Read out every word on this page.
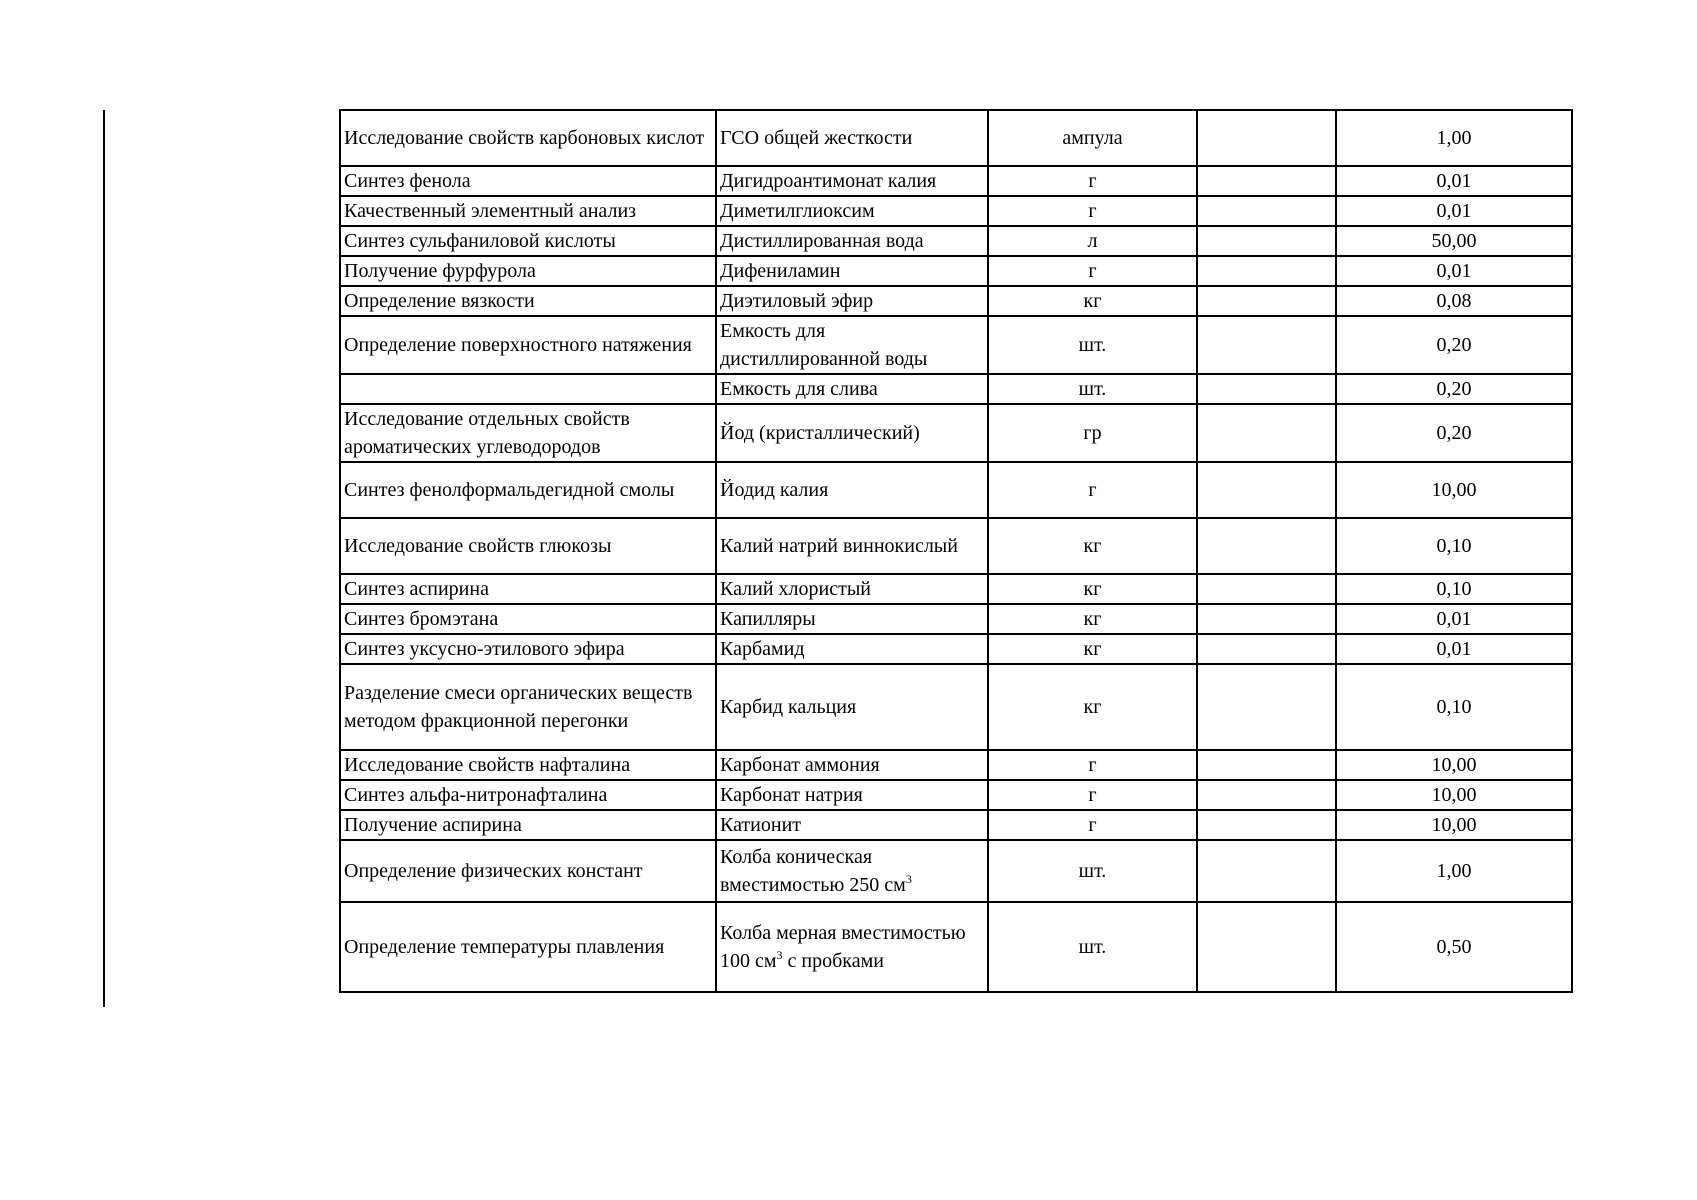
Исследование свойств карбоновых кислот	ГСО общей жесткости	ампула		1,00
Синтез фенола	Дигидроантимонат калия	г		0,01
Качественный элементный анализ	Диметилглиоксим	г		0,01
Синтез сульфаниловой кислоты	Дистиллированная вода	л		50,00
Получение фурфурола	Дифениламин	г		0,01
Определение вязкости	Диэтиловый эфир	кг		0,08
Определение поверхностного натяжения	Емкость для дистиллированной воды	шт.		0,20
	Емкость для слива	шт.		0,20
Исследование отдельных свойств ароматических углеводородов	Йод (кристаллический)	гр		0,20
Синтез фенолформальдегидной смолы	Йодид калия	г		10,00
Исследование свойств глюкозы	Калий натрий виннокислый	кг		0,10
Синтез аспирина	Калий хлористый	кг		0,10
Синтез бромэтана	Капилляры	кг		0,01
Синтез уксусно-этилового эфира	Карбамид	кг		0,01
Разделение смеси органических веществ методом фракционной перегонки	Карбид кальция	кг		0,10
Исследование свойств нафталина	Карбонат аммония	г		10,00
Синтез альфа-нитронафталина	Карбонат натрия	г		10,00
Получение аспирина	Катионит	г		10,00
Определение физических констант	Колба коническая вместимостью 250 $см^3$	шт.		1,00
Определение температуры плавления	Колба мерная вместимостью 100 $см^3$ с пробками	шт.		0,50
